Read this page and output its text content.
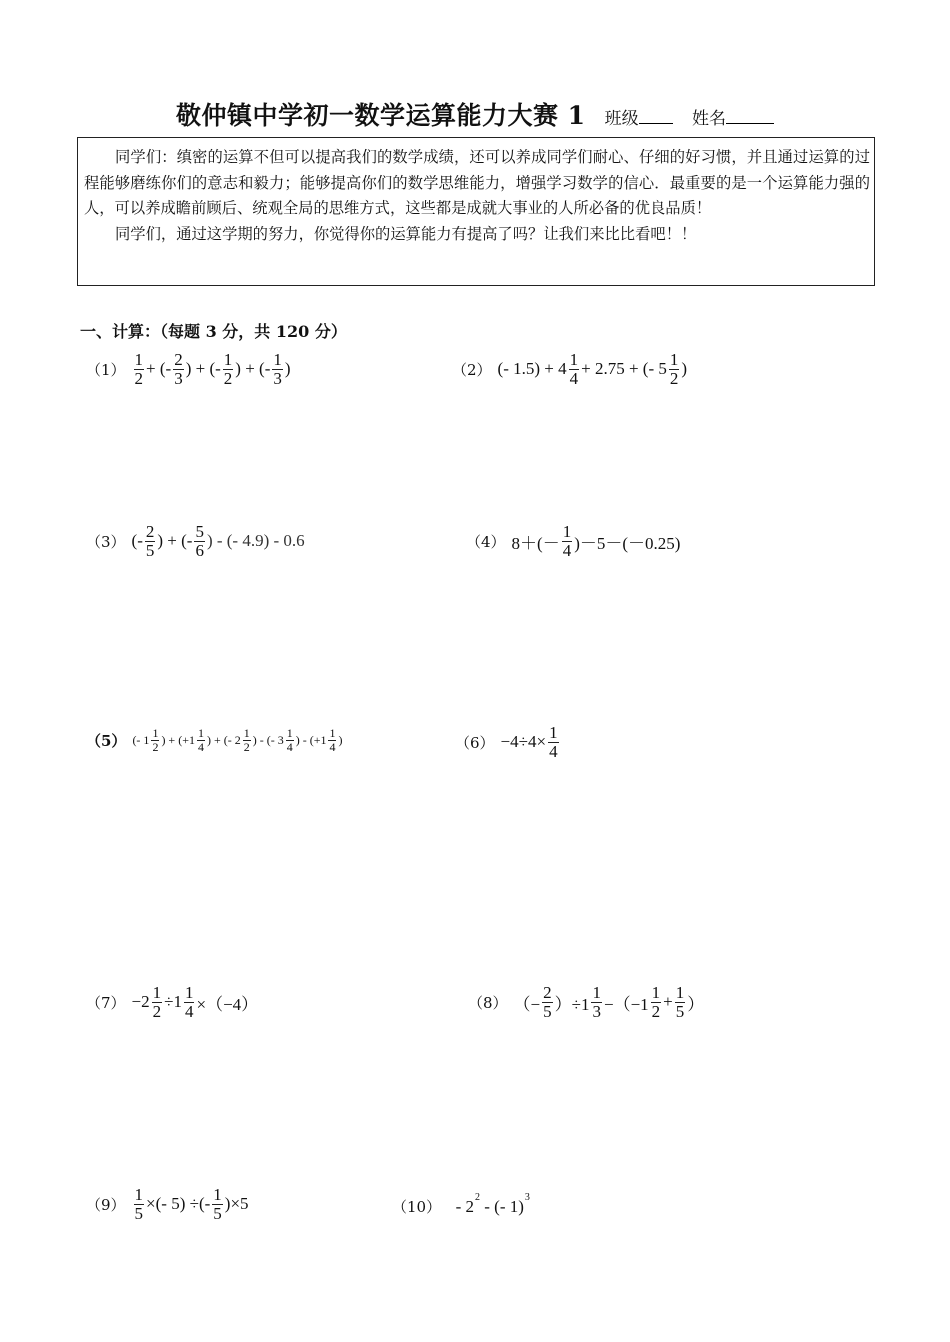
敬仲镇中学初一数学运算能力大赛 1 班级	姓名

同学们：缜密的运算不但可以提高我们的数学成绩，还可以养成同学们耐心、仔细的好习惯，并且通过运算的过程能够磨练你们的意志和毅力；能够提高你们的数学思维能力，增强学习数学的信心．最重要的是一个运算能力强的人，可以养成瞻前顾后、统观全局的思维方式，这些都是成就大事业的人所必备的优良品质！

同学们，通过这学期的努力，你觉得你的运算能力有提高了吗？让我们来比比看吧！！

一、计算：（每题 3 分，共 120 分）
$(1) \frac{1}{2}$ + (- $\frac{2}{3}$ ) + (- $\frac{1}{2}$ ) + (- $\frac{1}{3}$ )	（2） (- $1.5) + 4 \frac{1}{4} + 2.75$ + (- $5 \frac{1}{2}$ )
（3） (- $\frac{2}{5}$ ) + (- $\frac{5}{6}$ ) - (- 4.9) - 0.6	（4） $8+(- \frac{1}{4} )-5-(-0.25)$
（5） (- $1 \frac{1}{2}$ ) + ($+1 \frac{1}{4}$ ) + (- $2 \frac{1}{2}$ ) - (- $3 \frac{1}{4}$ ) - ($+1 \frac{1}{4}$ )	$(6) -4\div 4\times \frac{1}{4}$
$(7) -2 \frac{1}{2} \div 1 \frac{1}{4} \times(-4)$	（8） （− $\frac{2}{5} )\div 1 \frac{1}{3} -(-1 \frac{1}{2} + \frac{1}{5}$ ）
$(9) \frac{1}{5}$ ×(- 5) ÷(- $\frac{1}{5} )\times 5$	（10） - 2 2 - (- 1) 3
